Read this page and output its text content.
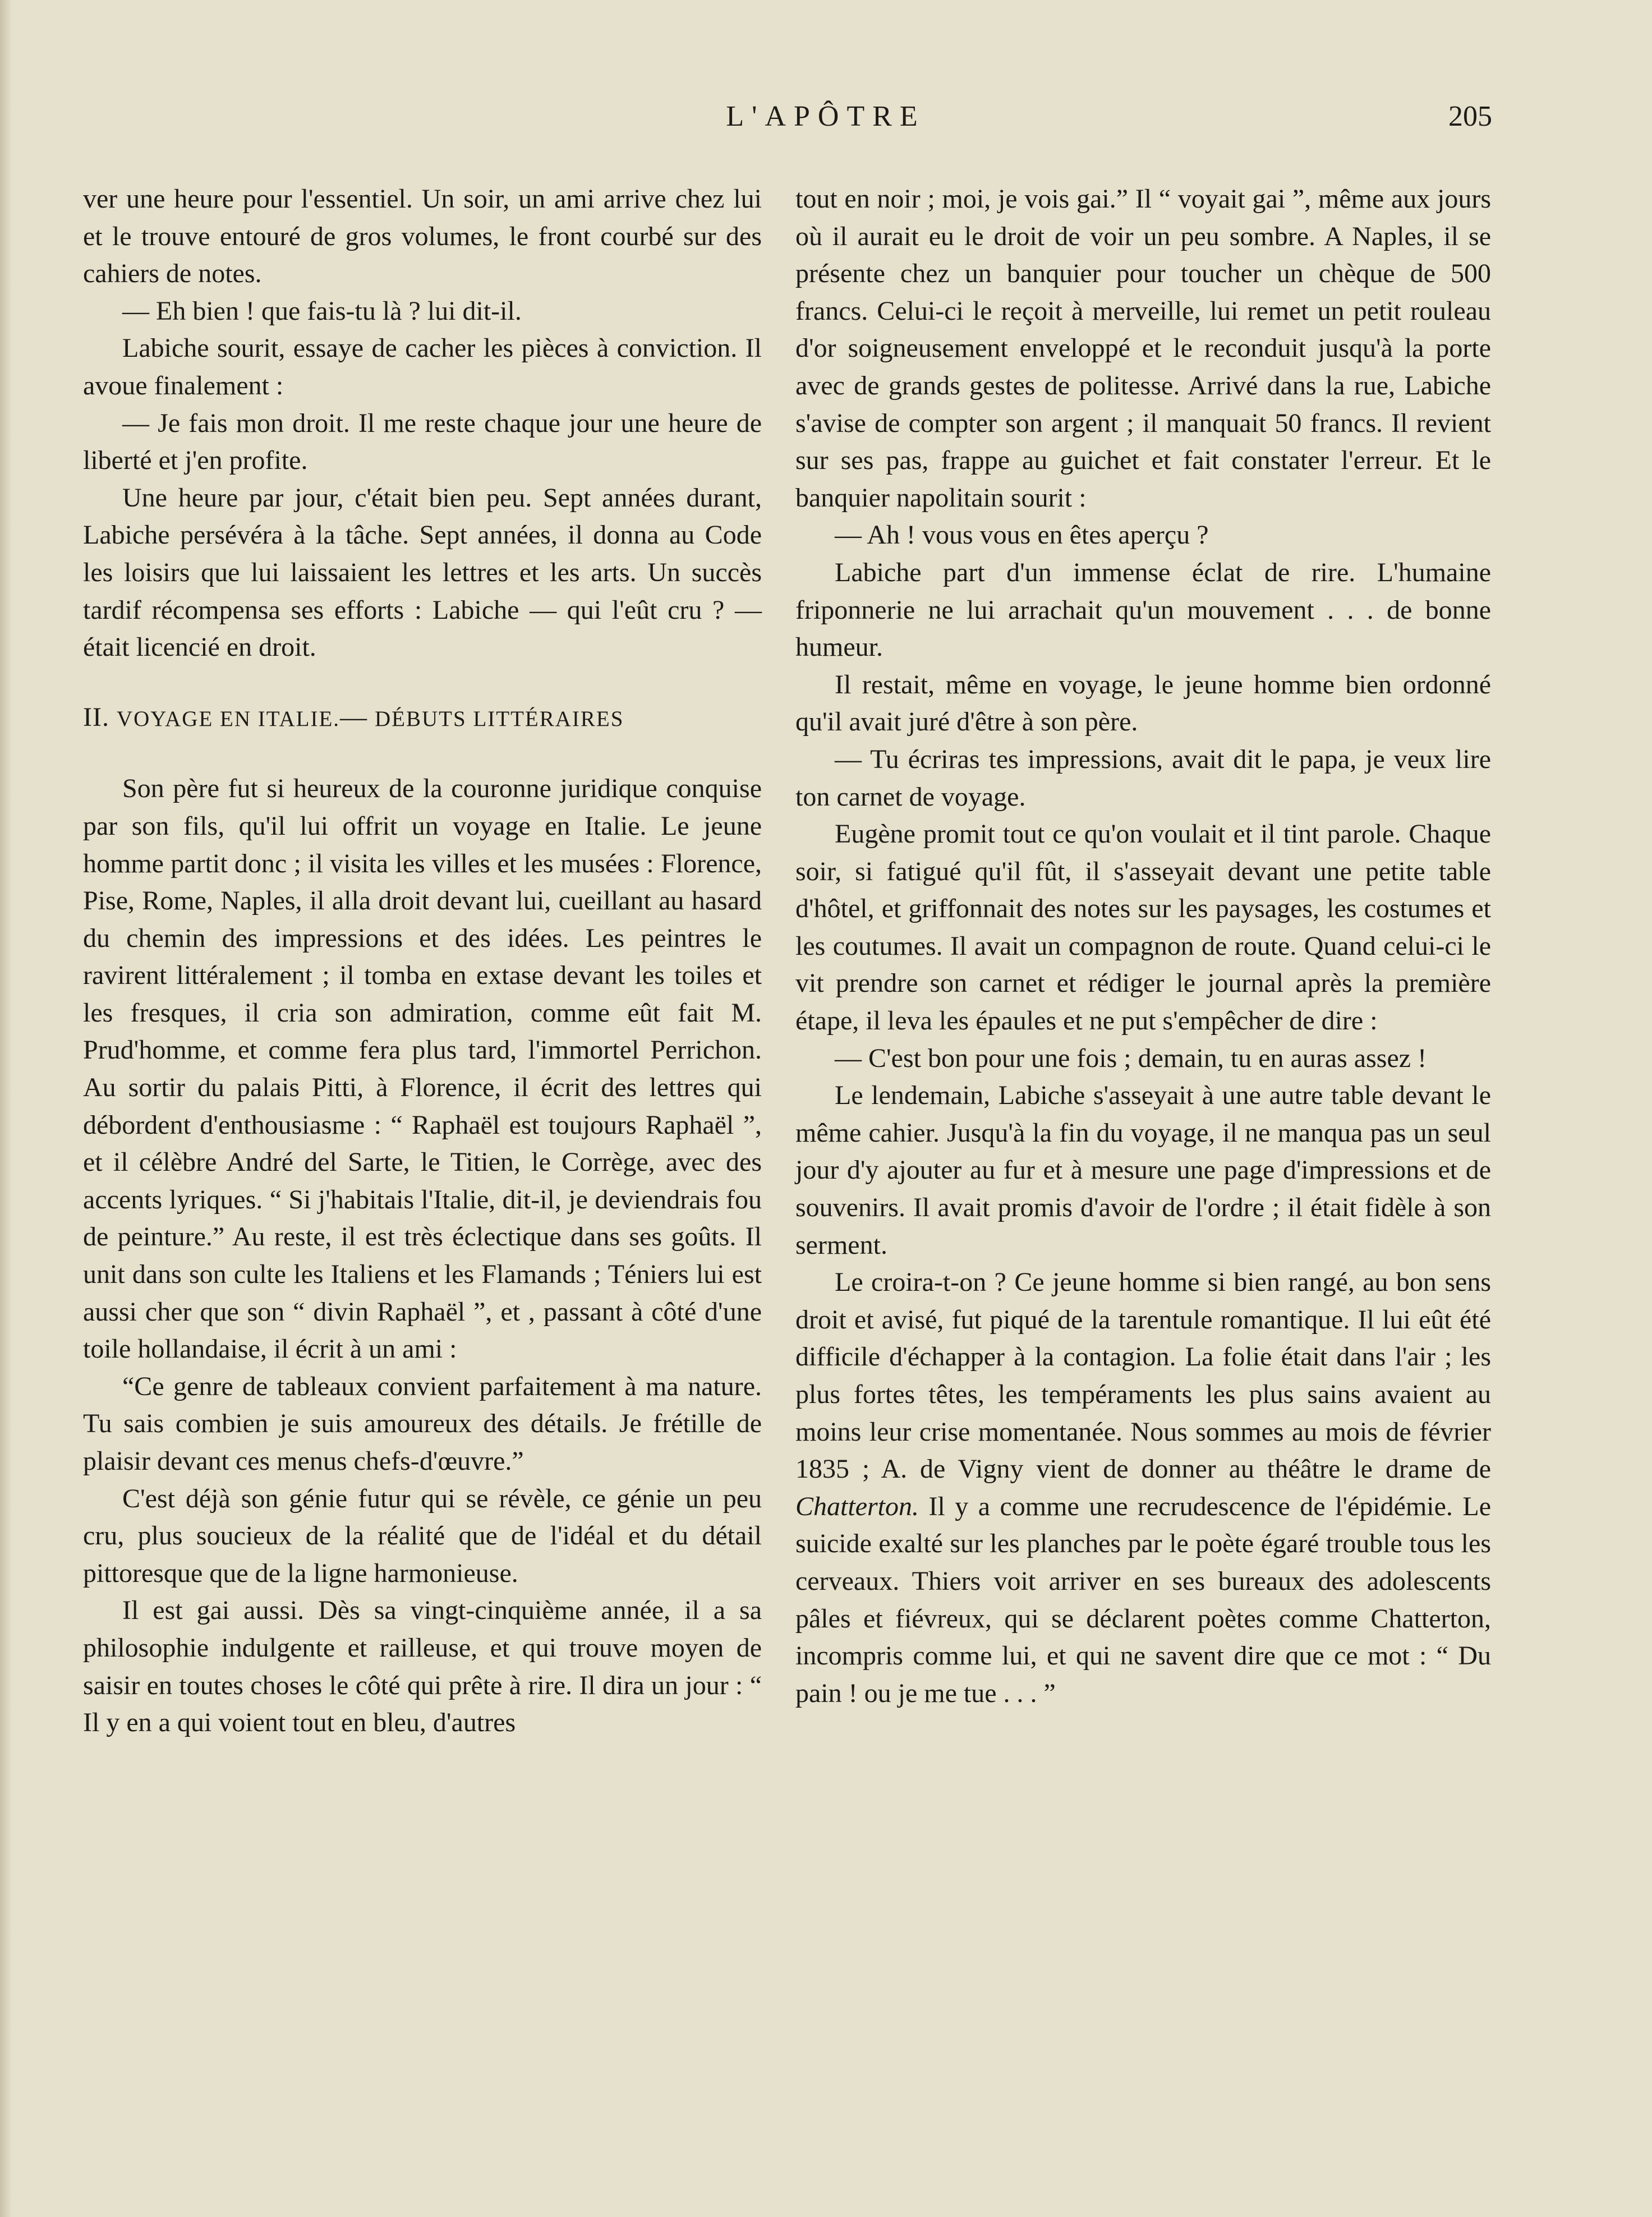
L'APÔTRE	205

ver une heure pour l'essentiel. Un soir, un ami arrive chez lui et le trouve entouré de gros volumes, le front courbé sur des cahiers de notes.

— Eh bien ! que fais-tu là ? lui dit-il.

Labiche sourit, essaye de cacher les pièces à conviction. Il avoue finalement :

— Je fais mon droit. Il me reste chaque jour une heure de liberté et j'en profite.

Une heure par jour, c'était bien peu. Sept années durant, Labiche persévéra à la tâche. Sept années, il donna au Code les loisirs que lui laissaient les lettres et les arts. Un succès tardif récompensa ses efforts : Labiche — qui l'eût cru ? — était licencié en droit.

II. VOYAGE EN ITALIE.— DÉBUTS LITTÉRAIRES

Son père fut si heureux de la couronne juridique conquise par son fils, qu'il lui offrit un voyage en Italie. Le jeune homme partit donc ; il visita les villes et les musées : Florence, Pise, Rome, Naples, il alla droit devant lui, cueillant au hasard du chemin des impressions et des idées. Les peintres le ravirent littéralement ; il tomba en extase devant les toiles et les fresques, il cria son admiration, comme eût fait M. Prud'homme, et comme fera plus tard, l'immortel Perrichon. Au sortir du palais Pitti, à Florence, il écrit des lettres qui débordent d'enthousiasme : “ Raphaël est toujours Raphaël ”, et il célèbre André del Sarte, le Titien, le Corrège, avec des accents lyriques. “ Si j'habitais l'Italie, dit-il, je deviendrais fou de peinture.” Au reste, il est très éclectique dans ses goûts. Il unit dans son culte les Italiens et les Flamands ; Téniers lui est aussi cher que son “ divin Raphaël ”, et , passant à côté d'une toile hollandaise, il écrit à un ami :

“Ce genre de tableaux convient parfaitement à ma nature. Tu sais combien je suis amoureux des détails. Je frétille de plaisir devant ces menus chefs-d'œuvre.”

C'est déjà son génie futur qui se révèle, ce génie un peu cru, plus soucieux de la réalité que de l'idéal et du détail pittoresque que de la ligne harmonieuse.

Il est gai aussi. Dès sa vingt-cinquième année, il a sa philosophie indulgente et railleuse, et qui trouve moyen de saisir en toutes choses le côté qui prête à rire. Il dira un jour : “ Il y en a qui voient tout en bleu, d'autres

tout en noir ; moi, je vois gai.” Il “ voyait gai ”, même aux jours où il aurait eu le droit de voir un peu sombre. A Naples, il se présente chez un banquier pour toucher un chèque de 500 francs. Celui-ci le reçoit à merveille, lui remet un petit rouleau d'or soigneusement enveloppé et le reconduit jusqu'à la porte avec de grands gestes de politesse. Arrivé dans la rue, Labiche s'avise de compter son argent ; il manquait 50 francs. Il revient sur ses pas, frappe au guichet et fait constater l'erreur. Et le banquier napolitain sourit :

— Ah ! vous vous en êtes aperçu ?

Labiche part d'un immense éclat de rire. L'humaine friponnerie ne lui arrachait qu'un mouvement . . . de bonne humeur.

Il restait, même en voyage, le jeune homme bien ordonné qu'il avait juré d'être à son père.

— Tu écriras tes impressions, avait dit le papa, je veux lire ton carnet de voyage.

Eugène promit tout ce qu'on voulait et il tint parole. Chaque soir, si fatigué qu'il fût, il s'asseyait devant une petite table d'hôtel, et griffonnait des notes sur les paysages, les costumes et les coutumes. Il avait un compagnon de route. Quand celui-ci le vit prendre son carnet et rédiger le journal après la première étape, il leva les épaules et ne put s'empêcher de dire :

— C'est bon pour une fois ; demain, tu en auras assez !

Le lendemain, Labiche s'asseyait à une autre table devant le même cahier. Jusqu'à la fin du voyage, il ne manqua pas un seul jour d'y ajouter au fur et à mesure une page d'impressions et de souvenirs. Il avait promis d'avoir de l'ordre ; il était fidèle à son serment.

Le croira-t-on ? Ce jeune homme si bien rangé, au bon sens droit et avisé, fut piqué de la tarentule romantique. Il lui eût été difficile d'échapper à la contagion. La folie était dans l'air ; les plus fortes têtes, les tempéraments les plus sains avaient au moins leur crise momentanée. Nous sommes au mois de février 1835 ; A. de Vigny vient de donner au théâtre le drame de Chatterton. Il y a comme une recrudescence de l'épidémie. Le suicide exalté sur les planches par le poète égaré trouble tous les cerveaux. Thiers voit arriver en ses bureaux des adolescents pâles et fiévreux, qui se déclarent poètes comme Chatterton, incompris comme lui, et qui ne savent dire que ce mot : “ Du pain ! ou je me tue . . . ”
